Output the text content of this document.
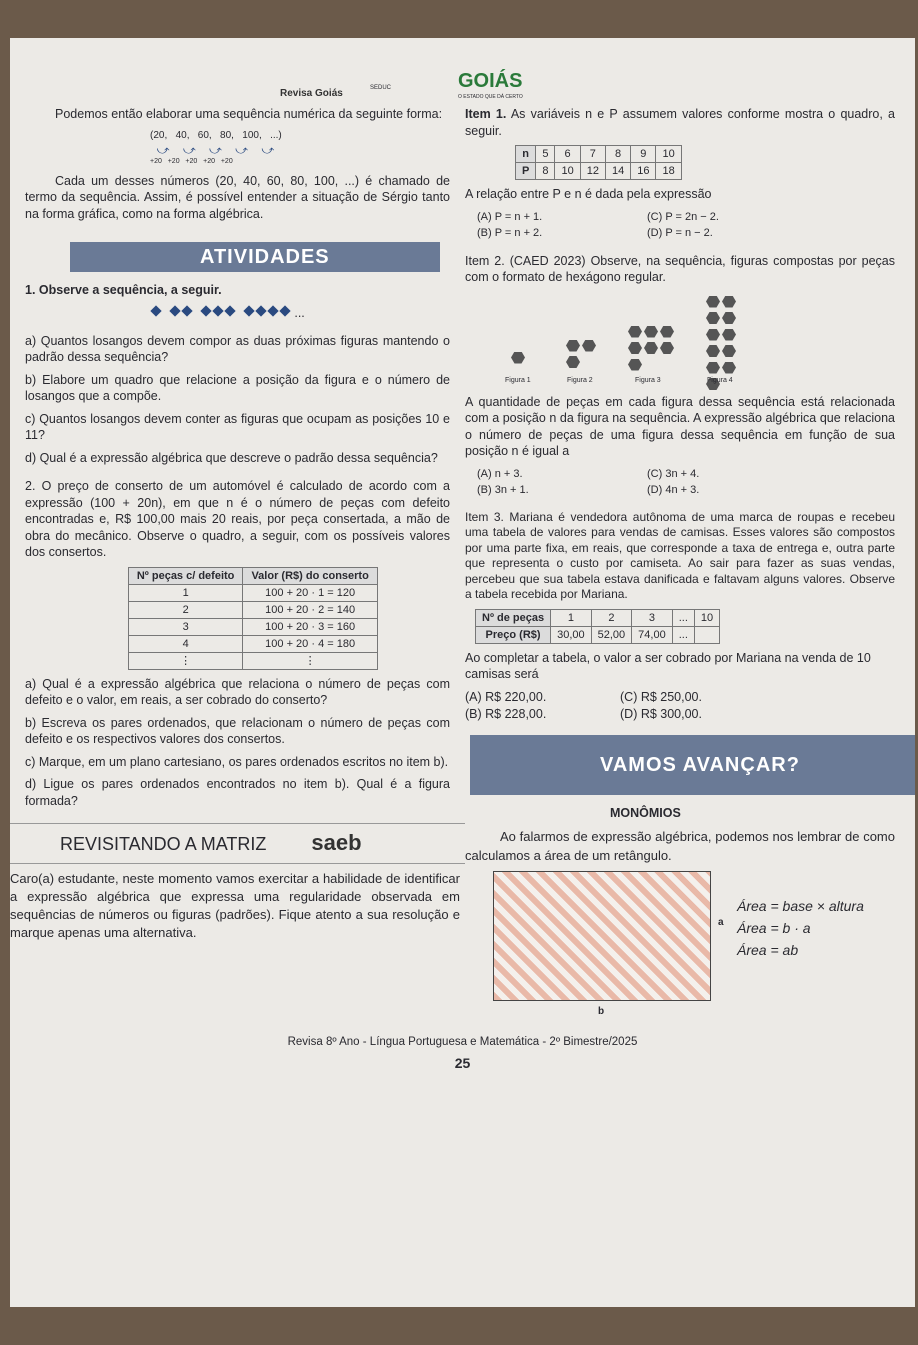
Revisa Goiás	SEDUC	GOIÁS
O ESTADO QUE DÁ CERTO
Podemos então elaborar uma sequência numérica da seguinte forma:
(20,   40,   60,   80,   100,   ...)
⤻    ⤻    ⤻    ⤻    ⤻
+20   +20   +20   +20   +20
Cada um desses números (20, 40, 60, 80, 100, ...) é chamado de termo da sequência. Assim, é possível entender a situação de Sérgio tanto na forma gráfica, como na forma algébrica.
ATIVIDADES
1. Observe a sequência, a seguir.
...
a) Quantos losangos devem compor as duas próximas figuras mantendo o padrão dessa sequência?
b) Elabore um quadro que relacione a posição da figura e o número de losangos que a compõe.
c) Quantos losangos devem conter as figuras que ocupam as posições 10 e 11?
d) Qual é a expressão algébrica que descreve o padrão dessa sequência?
2. O preço de conserto de um automóvel é calculado de acordo com a expressão (100 + 20n), em que n é o número de peças com defeito encontradas e, R$ 100,00 mais 20 reais, por peça consertada, a mão de obra do mecânico. Observe o quadro, a seguir, com os possíveis valores dos consertos.
Nº peças c/ defeito	Valor (R$) do conserto
1	100 + 20 · 1 = 120
2	100 + 20 · 2 = 140
3	100 + 20 · 3 = 160
4	100 + 20 · 4 = 180
⋮	⋮
a) Qual é a expressão algébrica que relaciona o número de peças com defeito e o valor, em reais, a ser cobrado do conserto?
b) Escreva os pares ordenados, que relacionam o número de peças com defeito e os respectivos valores dos consertos.
c) Marque, em um plano cartesiano, os pares ordenados escritos no item b).
d) Ligue os pares ordenados encontrados no item b). Qual é a figura formada?
REVISITANDO A MATRIZ saeb
Caro(a) estudante, neste momento vamos exercitar a habilidade de identificar a expressão algébrica que expressa uma regularidade observada em sequências de números ou figuras (padrões). Fique atento a sua resolução e marque apenas uma alternativa.
Item 1. As variáveis n e P assumem valores conforme mostra o quadro, a seguir.
n	5	6	7	8	9	10
P	8	10	12	14	16	18
A relação entre P e n é dada pela expressão
(A) P = n + 1.	(C) P = 2n − 2.
(B) P = n + 2.	(D) P = n − 2.
Item 2. (CAED 2023) Observe, na sequência, figuras compostas por peças com o formato de hexágono regular.
Figura 1	Figura 2	Figura 3	Figura 4
A quantidade de peças em cada figura dessa sequência está relacionada com a posição n da figura na sequência. A expressão algébrica que relaciona o número de peças de uma figura dessa sequência em função de sua posição n é igual a
(A) n + 3.	(C) 3n + 4.
(B) 3n + 1.	(D) 4n + 3.
Item 3. Mariana é vendedora autônoma de uma marca de roupas e recebeu uma tabela de valores para vendas de camisas. Esses valores são compostos por uma parte fixa, em reais, que corresponde a taxa de entrega e, outra parte que representa o custo por camiseta. Ao sair para fazer as suas vendas, percebeu que sua tabela estava danificada e faltavam alguns valores. Observe a tabela recebida por Mariana.
Nº de peças	1	2	3	...	10
Preço (R$)	30,00	52,00	74,00	...	
Ao completar a tabela, o valor a ser cobrado por Mariana na venda de 10 camisas será
(A) R$ 220,00.	(C) R$ 250,00.
(B) R$ 228,00.	(D) R$ 300,00.
VAMOS AVANÇAR?
MONÔMIOS
Ao falarmos de expressão algébrica, podemos nos lembrar de como calculamos a área de um retângulo.
a
b
Área = base × altura
Área = b · a
Área = ab
Revisa 8º Ano - Língua Portuguesa e Matemática - 2º Bimestre/2025
25
